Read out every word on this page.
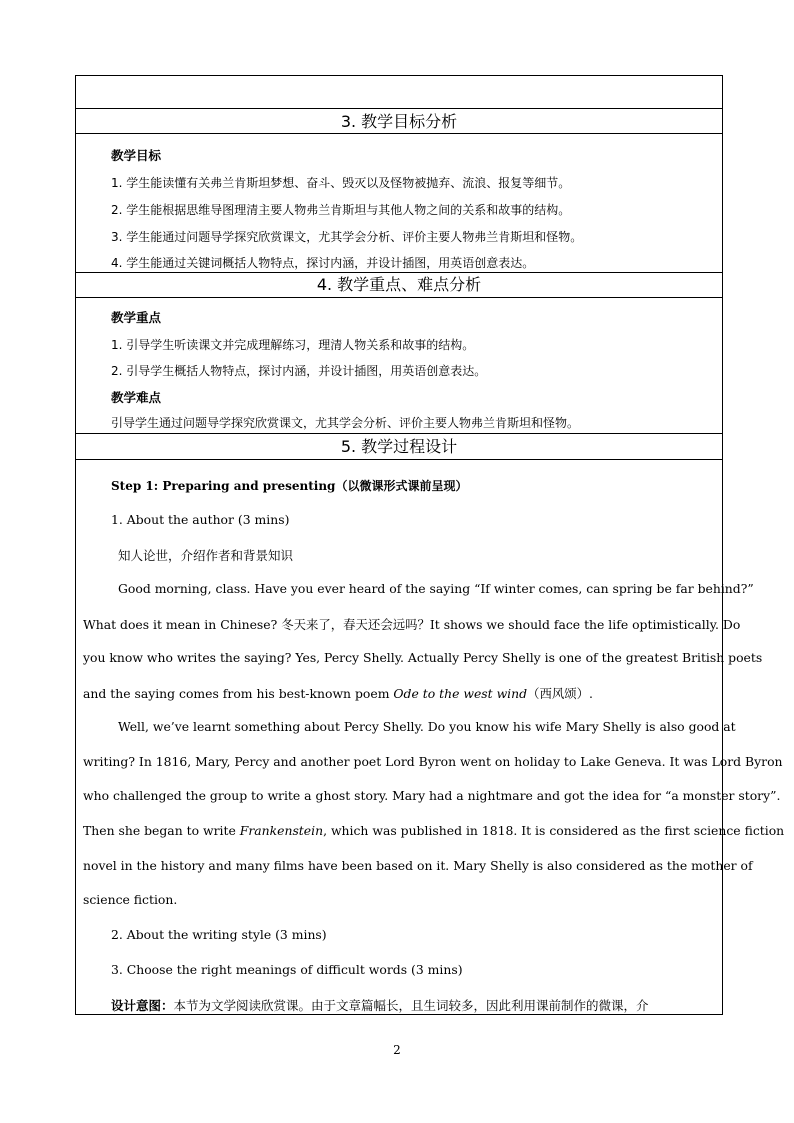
3. 教学目标分析
教学目标
1. 学生能读懂有关弗兰肯斯坦梦想、奋斗、毁灭以及怪物被抛弃、流浪、报复等细节。
2. 学生能根据思维导图理清主要人物弗兰肯斯坦与其他人物之间的关系和故事的结构。
3. 学生能通过问题导学探究欣赏课文，尤其学会分析、评价主要人物弗兰肯斯坦和怪物。
4. 学生能通过关键词概括人物特点，探讨内涵，并设计插图，用英语创意表达。
4. 教学重点、难点分析
教学重点
1. 引导学生听读课文并完成理解练习，理清人物关系和故事的结构。
2. 引导学生概括人物特点，探讨内涵，并设计插图，用英语创意表达。
教学难点
引导学生通过问题导学探究欣赏课文，尤其学会分析、评价主要人物弗兰肯斯坦和怪物。
5. 教学过程设计
Step 1: Preparing and presenting（以微课形式课前呈现）
1. About the author (3 mins)
知人论世，介绍作者和背景知识
Good morning, class. Have you ever heard of the saying “If winter comes, can spring be far behind?”
What does it mean in Chinese? 冬天来了，春天还会远吗？It shows we should face the life optimistically. Do
you know who writes the saying? Yes, Percy Shelly. Actually Percy Shelly is one of the greatest British poets
and the saying comes from his best-known poem Ode to the west wind（西风颂）.
Well, we’ve learnt something about Percy Shelly. Do you know his wife Mary Shelly is also good at
writing? In 1816, Mary, Percy and another poet Lord Byron went on holiday to Lake Geneva. It was Lord Byron
who challenged the group to write a ghost story. Mary had a nightmare and got the idea for “a monster story”.
Then she began to write Frankenstein, which was published in 1818. It is considered as the first science fiction
novel in the history and many films have been based on it. Mary Shelly is also considered as the mother of
science fiction.
2. About the writing style (3 mins)
3. Choose the right meanings of difficult words (3 mins)
设计意图：本节为文学阅读欣赏课。由于文章篇幅长，且生词较多，因此利用课前制作的微课，介
2
